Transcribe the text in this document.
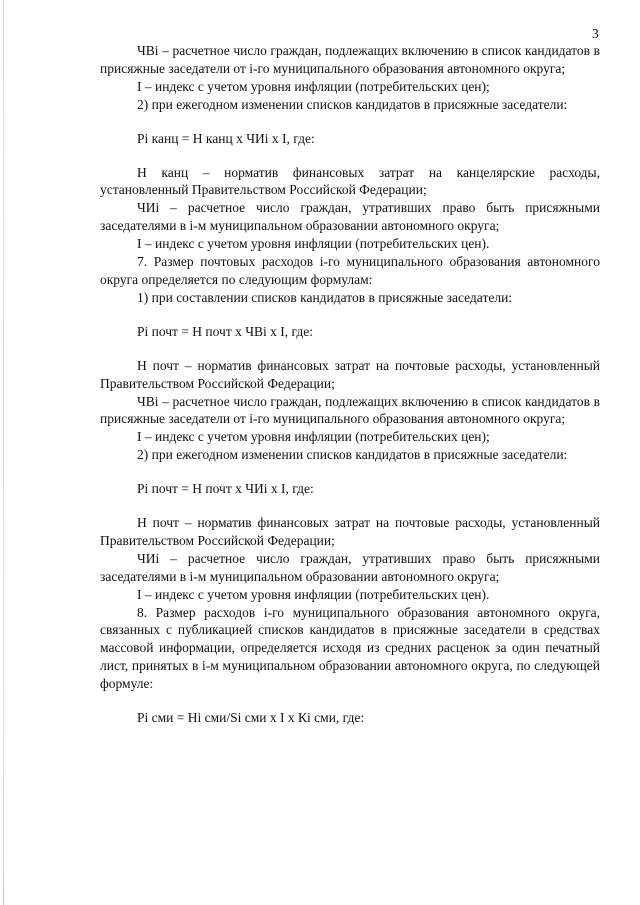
3

ЧВi – расчетное число граждан, подлежащих включению в список кандидатов в присяжные заседатели от i-го муниципального образования автономного округа;

I – индекс с учетом уровня инфляции (потребительских цен);

2) при ежегодном изменении списков кандидатов в присяжные заседатели:

Pi канц = Н канц х ЧИi х I, где:

Н канц – норматив финансовых затрат на канцелярские расходы, установленный Правительством Российской Федерации;

ЧИi – расчетное число граждан, утративших право быть присяжными заседателями в i-м муниципальном образовании автономного округа;

I – индекс с учетом уровня инфляции (потребительских цен).

7. Размер почтовых расходов i-го муниципального образования автономного округа определяется по следующим формулам:

1) при составлении списков кандидатов в присяжные заседатели:

Pi почт = Н почт х ЧВi х I, где:

Н почт – норматив финансовых затрат на почтовые расходы, установленный Правительством Российской Федерации;

ЧВi – расчетное число граждан, подлежащих включению в список кандидатов в присяжные заседатели от i-го муниципального образования автономного округа;

I – индекс с учетом уровня инфляции (потребительских цен);

2) при ежегодном изменении списков кандидатов в присяжные заседатели:

Pi почт = Н почт х ЧИi х I, где:

Н почт – норматив финансовых затрат на почтовые расходы, установленный Правительством Российской Федерации;

ЧИi – расчетное число граждан, утративших право быть присяжными заседателями в i-м муниципальном образовании автономного округа;

I – индекс с учетом уровня инфляции (потребительских цен).

8. Размер расходов i-го муниципального образования автономного округа, связанных с публикацией списков кандидатов в присяжные заседатели в средствах массовой информации, определяется исходя из средних расценок за один печатный лист, принятых в i-м муниципальном образовании автономного округа, по следующей формуле:

Pi сми = Нi сми/Si сми х I х Кi сми, где:
